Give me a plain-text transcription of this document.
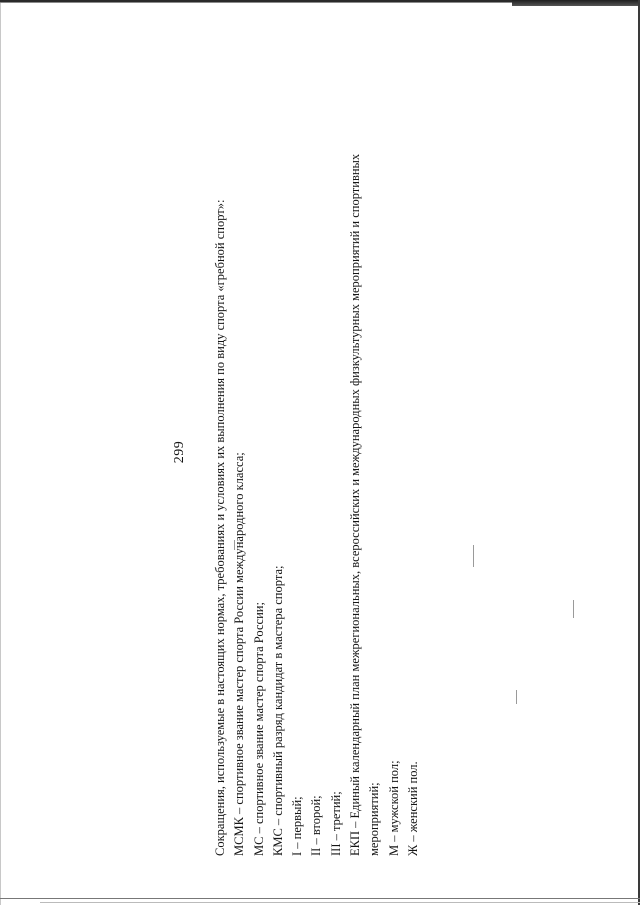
299 Сокращения, используемые в настоящих нормах, требованиях и условиях их выполнения по виду спорта «гребной спорт»: МСМК – спортивное звание мастер спорта России международного класса; МС – спортивное звание мастер спорта России; КМС – спортивный разряд кандидат в мастера спорта; I – первый; II – второй; III – третий; ЕКП – Единый календарный план межрегиональных, всероссийских и международных физкультурных мероприятий и спортивных мероприятий; М – мужской пол; Ж – женский пол.
